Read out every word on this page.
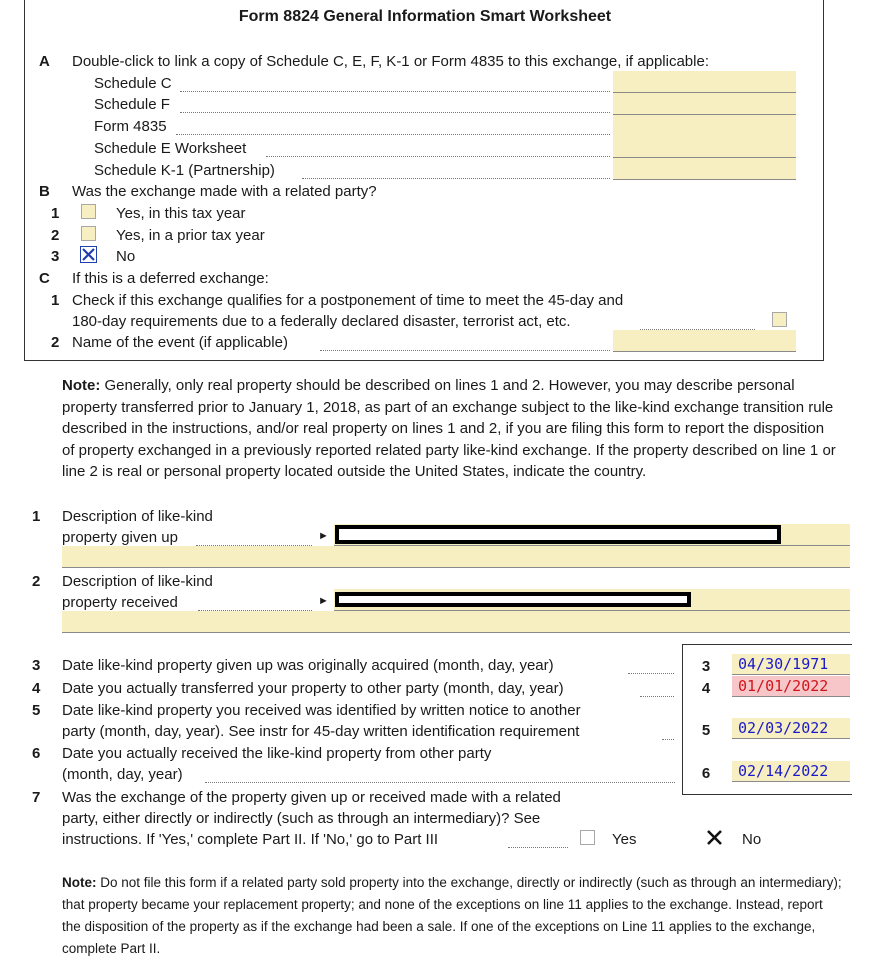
Form 8824 General Information Smart Worksheet
A Double-click to link a copy of Schedule C, E, F, K-1 or Form 4835 to this exchange, if applicable:
Schedule C
Schedule F
Form 4835
Schedule E Worksheet
Schedule K-1 (Partnership)
B Was the exchange made with a related party?
1	Yes, in this tax year
2	Yes, in a prior tax year
3	No
C If this is a deferred exchange:
1 Check if this exchange qualifies for a postponement of time to meet the 45-day and
180-day requirements due to a federally declared disaster, terrorist act, etc.
2 Name of the event (if applicable)
Note: Generally, only real property should be described on lines 1 and 2. However, you may describe personal property transferred prior to January 1, 2018, as part of an exchange subject to the like-kind exchange transition rule described in the instructions, and/or real property on lines 1 and 2, if you are filing this form to report the disposition of property exchanged in a previously reported related party like-kind exchange. If the property described on line 1 or line 2 is real or personal property located outside the United States, indicate the country.
1 Description of like-kind
property given up	►
2 Description of like-kind
property received	►
3 Date like-kind property given up was originally acquired (month, day, year)	3	04/30/1971
4 Date you actually transferred your property to other party (month, day, year)	4	01/01/2022
5 Date like-kind property you received was identified by written notice to another
party (month, day, year). See instr for 45-day written identification requirement	5	02/03/2022
6 Date you actually received the like-kind property from other party
(month, day, year)	6	02/14/2022
7 Was the exchange of the property given up or received made with a related
party, either directly or indirectly (such as through an intermediary)? See
instructions. If 'Yes,' complete Part II. If 'No,' go to Part III	Yes	No
Note: Do not file this form if a related party sold property into the exchange, directly or indirectly (such as through an intermediary); that property became your replacement property; and none of the exceptions on line 11 applies to the exchange. Instead, report the disposition of the property as if the exchange had been a sale. If one of the exceptions on Line 11 applies to the exchange, complete Part II.
